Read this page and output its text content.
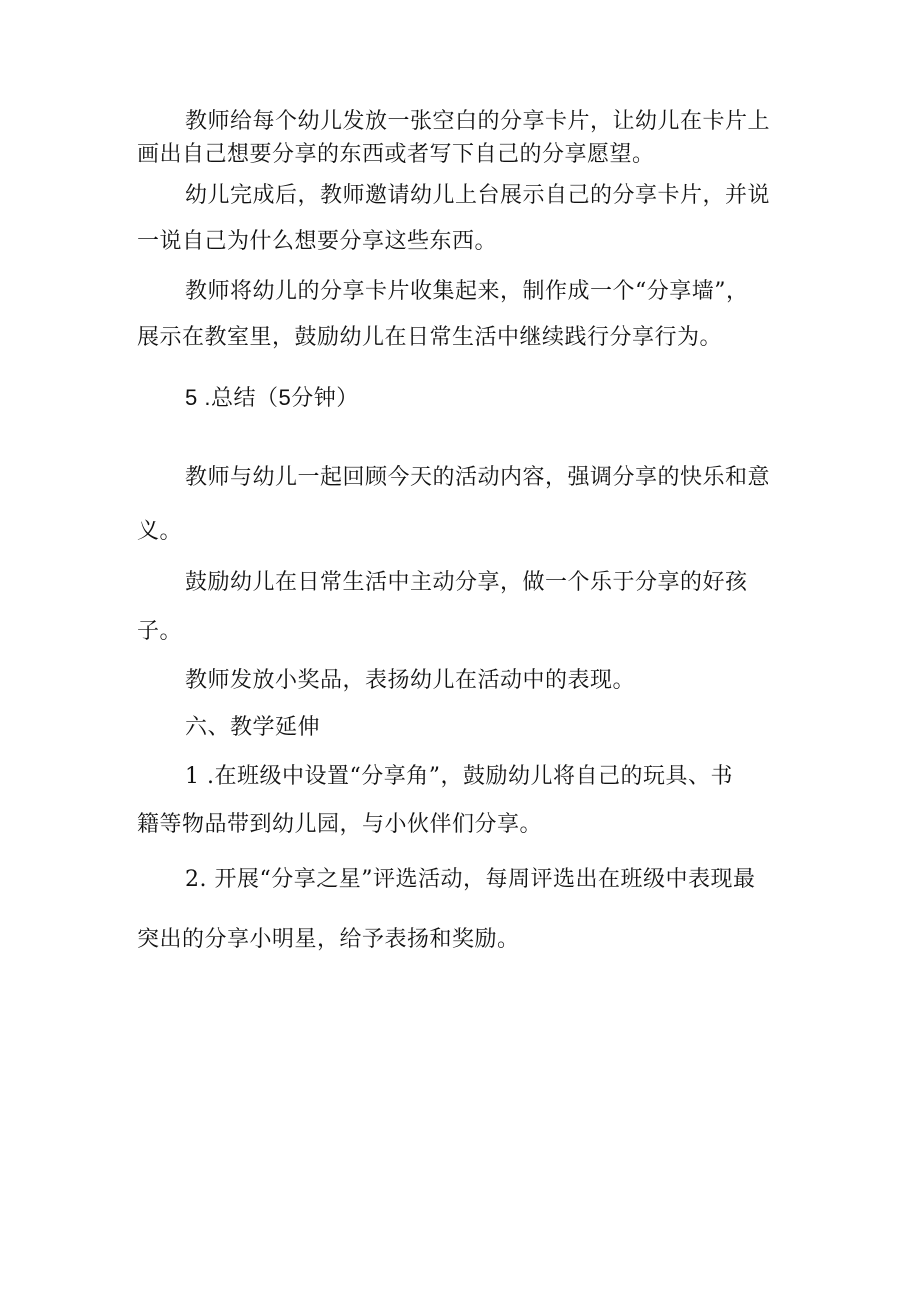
教师给每个幼儿发放一张空白的分享卡片，让幼儿在卡片上
画出自己想要分享的东西或者写下自己的分享愿望。
幼儿完成后，教师邀请幼儿上台展示自己的分享卡片，并说
一说自己为什么想要分享这些东西。
教师将幼儿的分享卡片收集起来，制作成一个“分享墙”，
展示在教室里，鼓励幼儿在日常生活中继续践行分享行为。
5 .总结（5分钟）
教师与幼儿一起回顾今天的活动内容，强调分享的快乐和意
义。
鼓励幼儿在日常生活中主动分享，做一个乐于分享的好孩
子。
教师发放小奖品，表扬幼儿在活动中的表现。
六、教学延伸
1 .在班级中设置“分享角”，鼓励幼儿将自己的玩具、书
籍等物品带到幼儿园，与小伙伴们分享。
2. 开展“分享之星”评选活动，每周评选出在班级中表现最
突出的分享小明星，给予表扬和奖励。
